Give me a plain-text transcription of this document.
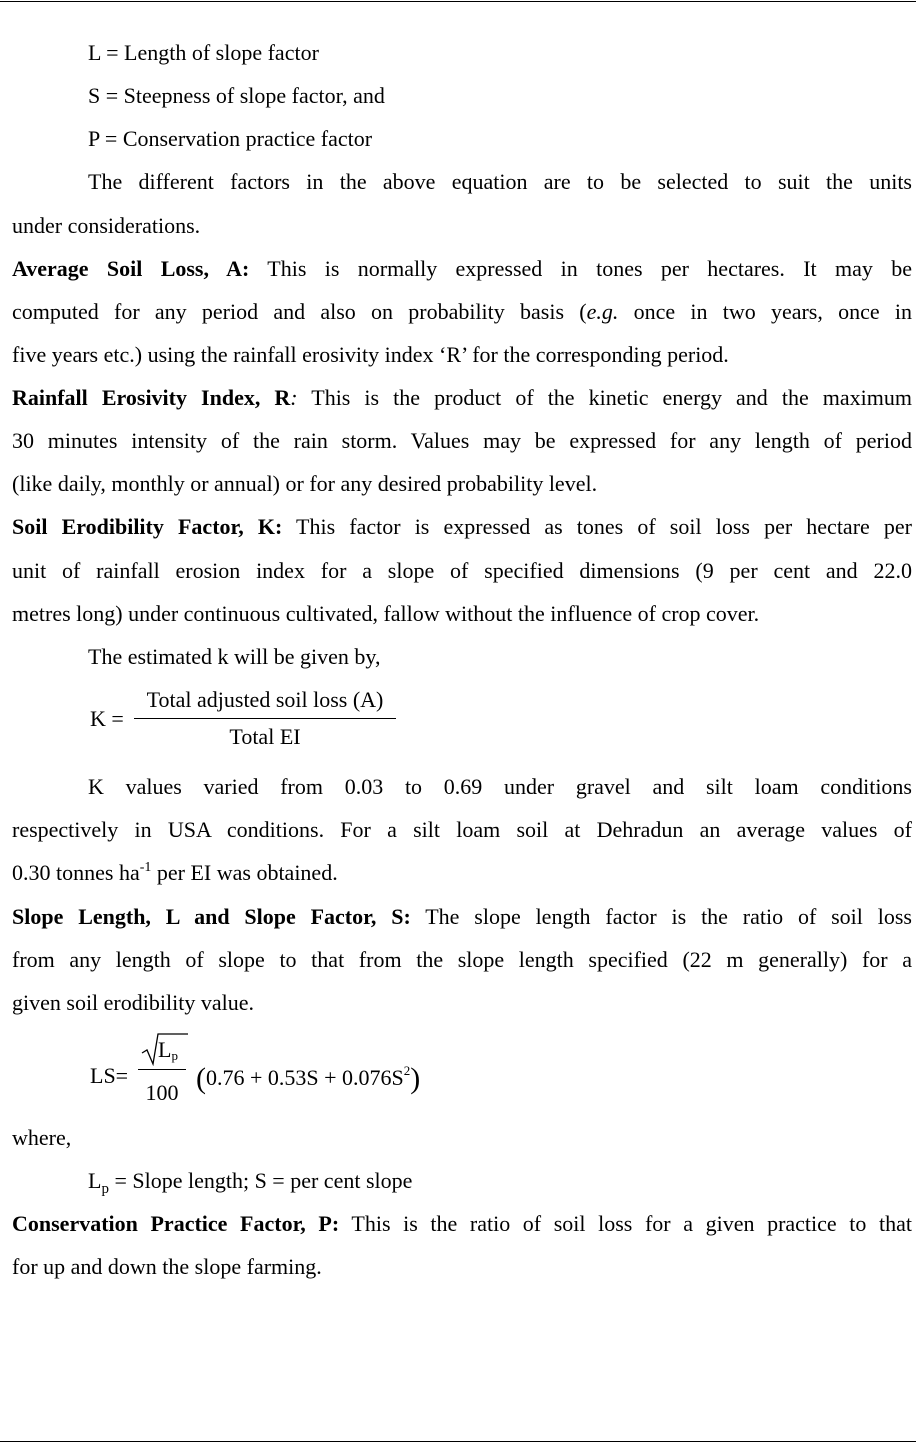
L = Length of slope factor
S = Steepness of slope factor, and
P = Conservation practice factor
The different factors in the above equation are to be selected to suit the units
under considerations.
Average Soil Loss, A: This is normally expressed in tones per hectares. It may be
computed for any period and also on probability basis (e.g. once in two years, once in
five years etc.) using the rainfall erosivity index ‘R’ for the corresponding period.
Rainfall Erosivity Index, R: This is the product of the kinetic energy and the maximum
30 minutes intensity of the rain storm. Values may be expressed for any length of period
(like daily, monthly or annual) or for any desired probability level.
Soil Erodibility Factor, K: This factor is expressed as tones of soil loss per hectare per
unit of rainfall erosion index for a slope of specified dimensions (9 per cent and 22.0
metres long) under continuous cultivated, fallow without the influence of crop cover.
The estimated k will be given by,
K =
Total adjusted soil loss (A)
Total EI
K values varied from 0.03 to 0.69 under gravel and silt loam conditions
respectively in USA conditions. For a silt loam soil at Dehradun an average values of
0.30 tonnes $ha^{-1}$ per EI was obtained.
Slope Length, L and Slope Factor, S: The slope length factor is the ratio of soil loss
from any length of slope to that from the slope length specified (22 m generally) for a
given soil erodibility value.
LS=
Lp
100 $(0.76 + 0.53S + 0.076S^2)$
where,
$L_p$ = Slope length; S = per cent slope
Conservation Practice Factor, P: This is the ratio of soil loss for a given practice to that
for up and down the slope farming.
